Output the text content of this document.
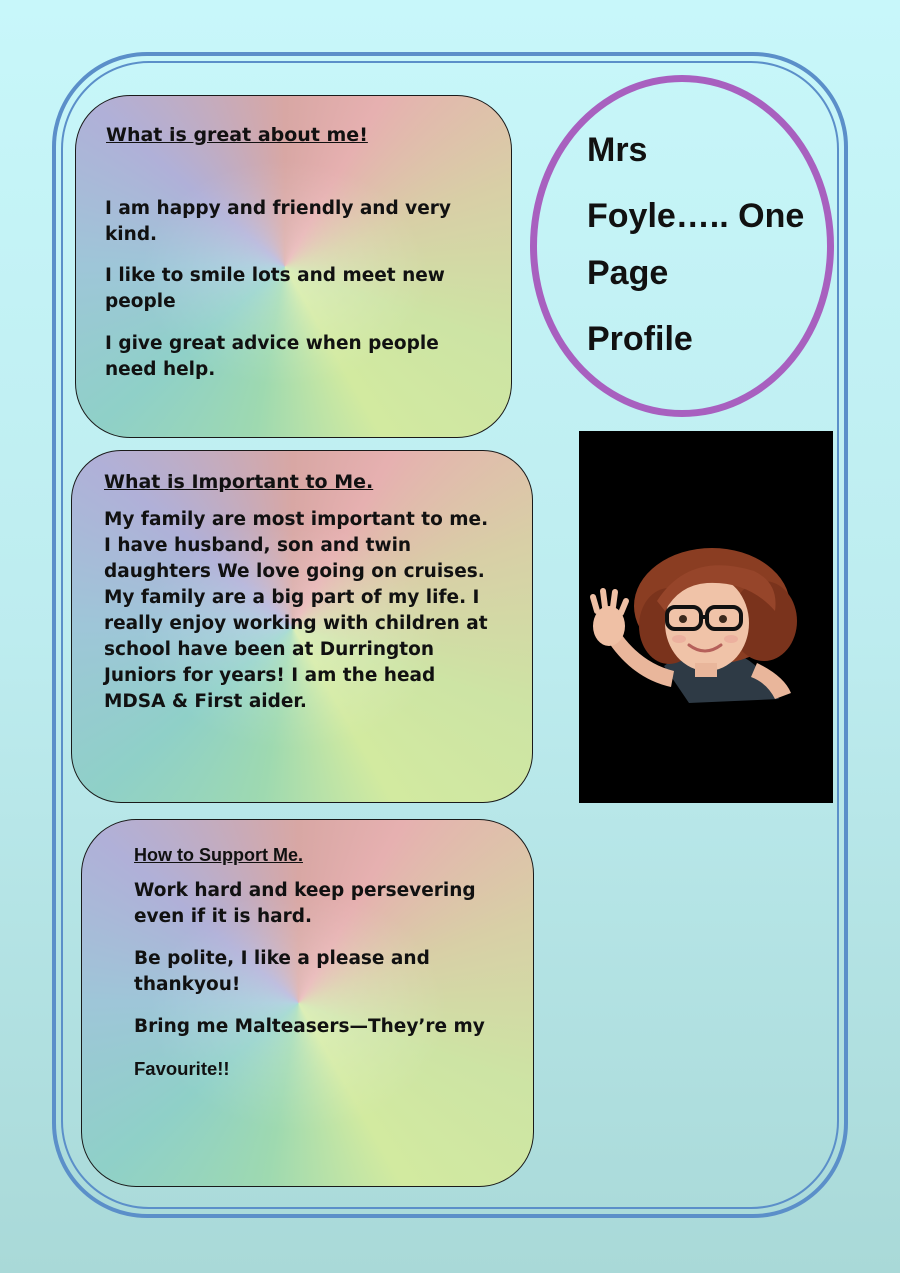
What is great about me!

I am happy and friendly and very kind.

I like to smile lots and meet new people

I give great advice when people need help.

What is Important to Me.

My family are most important to me. I have husband, son and twin daughters We love going on cruises. My family are a big part of my life. I really enjoy working with children at school have been at Durrington Juniors for years! I am the head MDSA & First aider.

How to Support Me.

Work hard and keep persevering even if it is hard.

Be polite, I like a please and thankyou!

Bring me Malteasers—They’re my

Favourite!!

Mrs

Foyle….. One

Page

Profile
